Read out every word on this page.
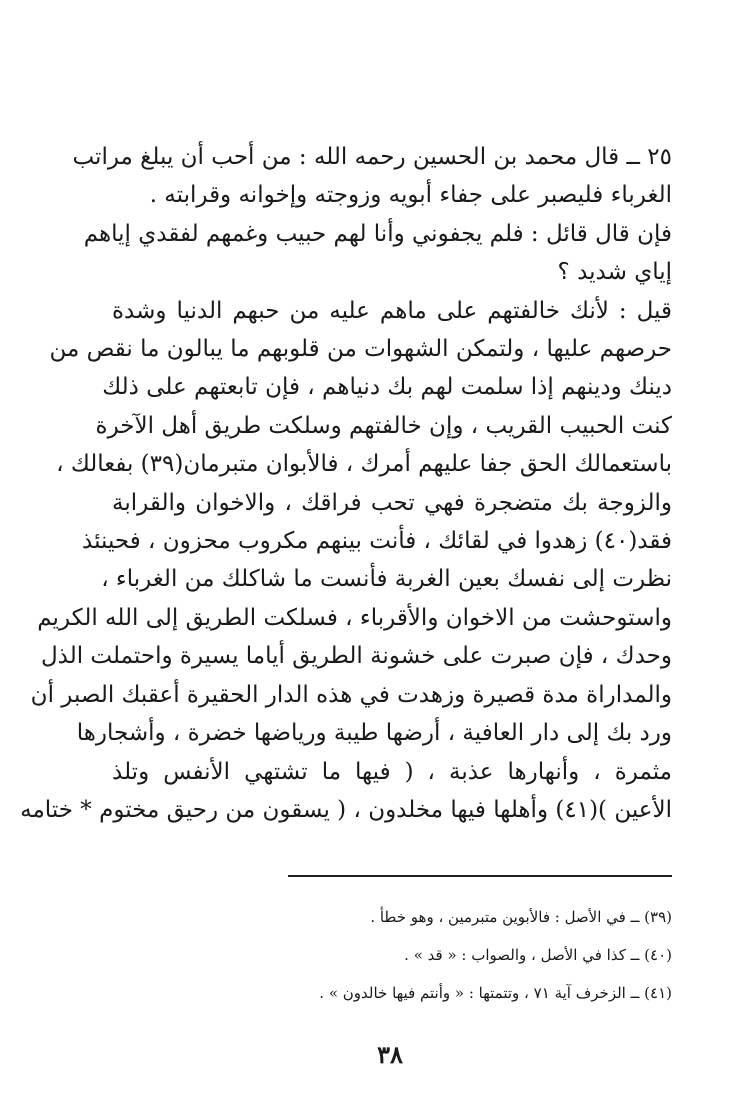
٢٥ ــ قال محمد بن الحسين رحمه الله : من أحب أن يبلغ مراتب
الغرباء فليصبر على جفاء أبويه وزوجته وإخوانه وقرابته .
فإن قال قائل : فلم يجفوني وأنا لهم حبيب وغمهم لفقدي إياهم
إياي شديد ؟
قيل : لأنك خالفتهم على ماهم عليه من حبهم الدنيا وشدة
حرصهم عليها ، ولتمكن الشهوات من قلوبهم ما يبالون ما نقص من
دينك ودينهم إذا سلمت لهم بك دنياهم ، فإن تابعتهم على ذلك
كنت الحبيب القريب ، وإن خالفتهم وسلكت طريق أهل الآخرة
باستعمالك الحق جفا عليهم أمرك ، فالأبوان متبرمان(٣٩) بفعالك ،
والزوجة بك متضجرة فهي تحب فراقك ، والاخوان والقرابة
فقد(٤٠) زهدوا في لقائك ، فأنت بينهم مكروب محزون ، فحينئذ
نظرت إلى نفسك بعين الغربة فأنست ما شاكلك من الغرباء ،
واستوحشت من الاخوان والأقرباء ، فسلكت الطريق إلى الله الكريم
وحدك ، فإن صبرت على خشونة الطريق أياما يسيرة واحتملت الذل
والمداراة مدة قصيرة وزهدت في هذه الدار الحقيرة أعقبك الصبر أن
ورد بك إلى دار العافية ، أرضها طيبة ورياضها خضرة ، وأشجارها
مثمرة ، وأنهارها عذبة ، ( فيها ما تشتهي الأنفس وتلذ
الأعين )(٤١) وأهلها فيها مخلدون ، ( يسقون من رحيق مختوم * ختامه
(٣٩) ــ في الأصل : فالأبوين متبرمين ، وهو خطأ .
(٤٠) ــ كذا في الأصل ، والصواب : « قد » .
(٤١) ــ الزخرف آية ٧١ ، وتتمتها : « وأنتم فيها خالدون » .
٣٨
